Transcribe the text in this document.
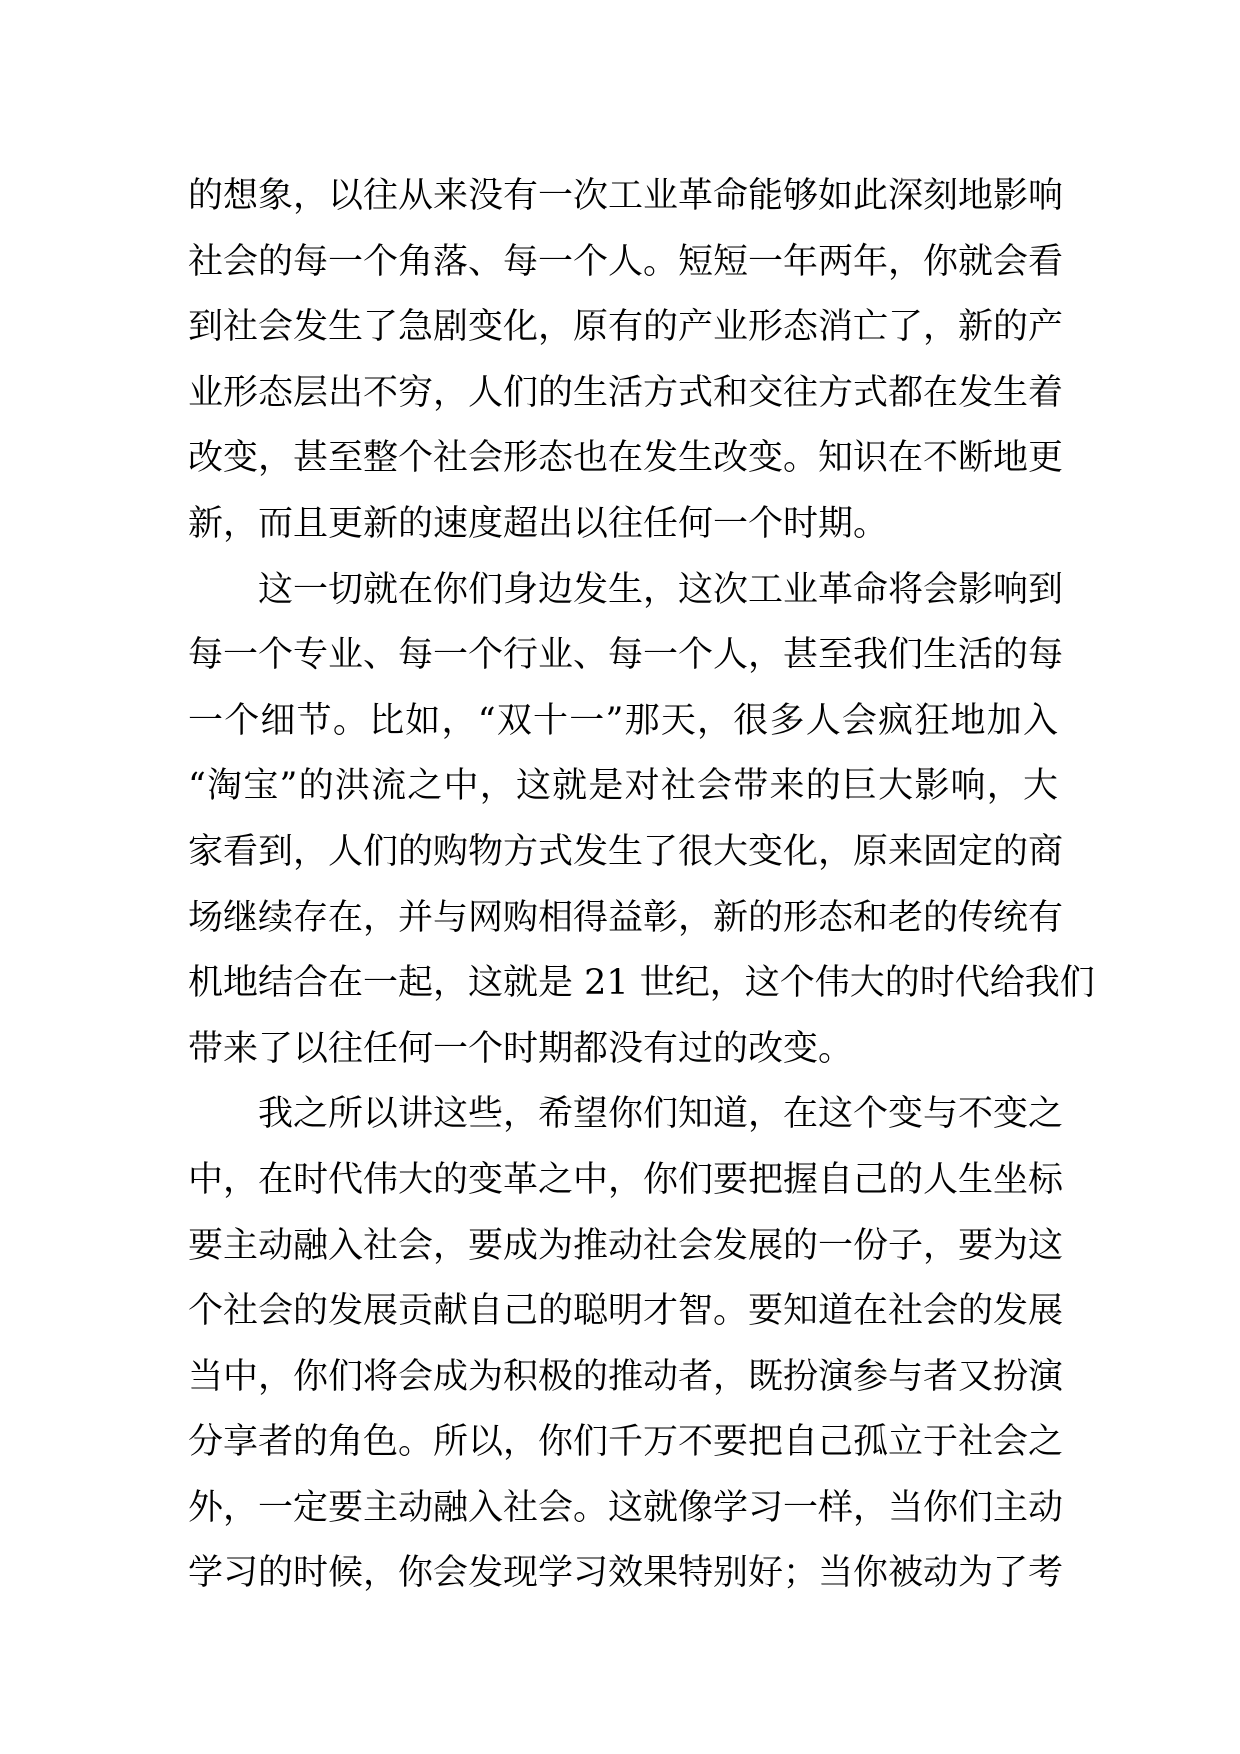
的想象，以往从来没有一次工业革命能够如此深刻地影响
社会的每一个角落、每一个人。短短一年两年，你就会看
到社会发生了急剧变化，原有的产业形态消亡了，新的产
业形态层出不穷，人们的生活方式和交往方式都在发生着
改变，甚至整个社会形态也在发生改变。知识在不断地更
新，而且更新的速度超出以往任何一个时期。
这一切就在你们身边发生，这次工业革命将会影响到
每一个专业、每一个行业、每一个人，甚至我们生活的每
一个细节。比如，“双十一”那天，很多人会疯狂地加入
“淘宝”的洪流之中，这就是对社会带来的巨大影响，大
家看到，人们的购物方式发生了很大变化，原来固定的商
场继续存在，并与网购相得益彰，新的形态和老的传统有
机地结合在一起，这就是 21 世纪，这个伟大的时代给我们
带来了以往任何一个时期都没有过的改变。
我之所以讲这些，希望你们知道，在这个变与不变之
中，在时代伟大的变革之中，你们要把握自己的人生坐标
要主动融入社会，要成为推动社会发展的一份子，要为这
个社会的发展贡献自己的聪明才智。要知道在社会的发展
当中，你们将会成为积极的推动者，既扮演参与者又扮演
分享者的角色。所以，你们千万不要把自己孤立于社会之
外，一定要主动融入社会。这就像学习一样，当你们主动
学习的时候，你会发现学习效果特别好；当你被动为了考
